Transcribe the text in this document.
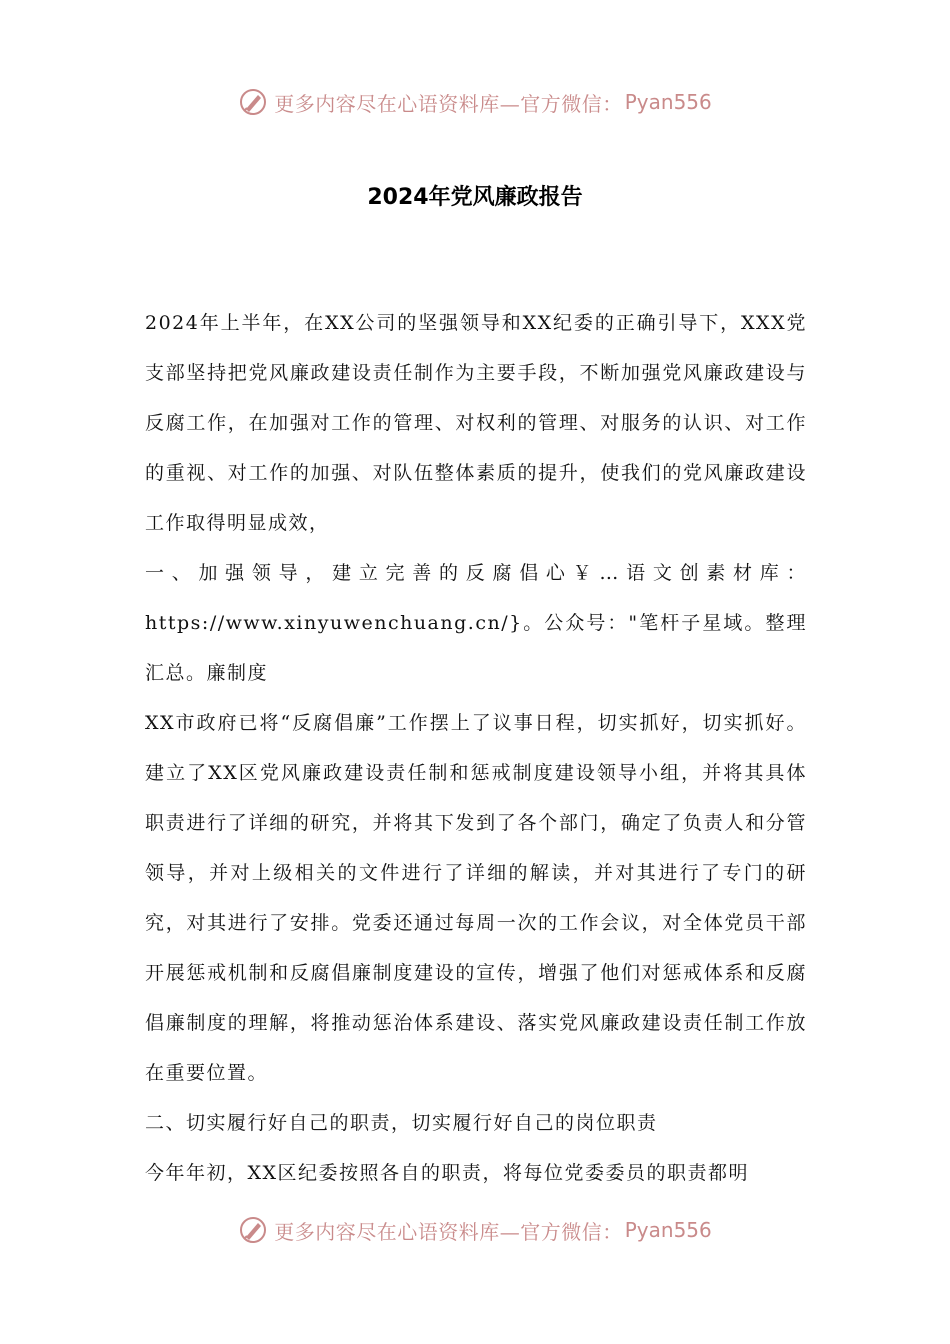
更多内容尽在心语资料库—官方微信： Pyan556
2024年党风廉政报告

2024年上半年，在XX公司的坚强领导和XX纪委的正确引导下，XXX党支部坚持把党风廉政建设责任制作为主要手段，不断加强党风廉政建设与反腐工作，在加强对工作的管理、对权利的管理、对服务的认识、对工作的重视、对工作的加强、对队伍整体素质的提升，使我们的党风廉政建设工作取得明显成效，

一、加强领导，建立完善的反腐倡心￥…语文创素材库：https://www.xinyuwenchuang.cn/}。公众号："笔杆子星域。整理汇总。廉制度

XX市政府已将“反腐倡廉”工作摆上了议事日程，切实抓好，切实抓好。建立了XX区党风廉政建设责任制和惩戒制度建设领导小组，并将其具体职责进行了详细的研究，并将其下发到了各个部门，确定了负责人和分管领导，并对上级相关的文件进行了详细的解读，并对其进行了专门的研究，对其进行了安排。党委还通过每周一次的工作会议，对全体党员干部开展惩戒机制和反腐倡廉制度建设的宣传，增强了他们对惩戒体系和反腐倡廉制度的理解，将推动惩治体系建设、落实党风廉政建设责任制工作放在重要位置。

二、切实履行好自己的职责，切实履行好自己的岗位职责

今年年初，XX区纪委按照各自的职责，将每位党委委员的职责都明

更多内容尽在心语资料库—官方微信： Pyan556
